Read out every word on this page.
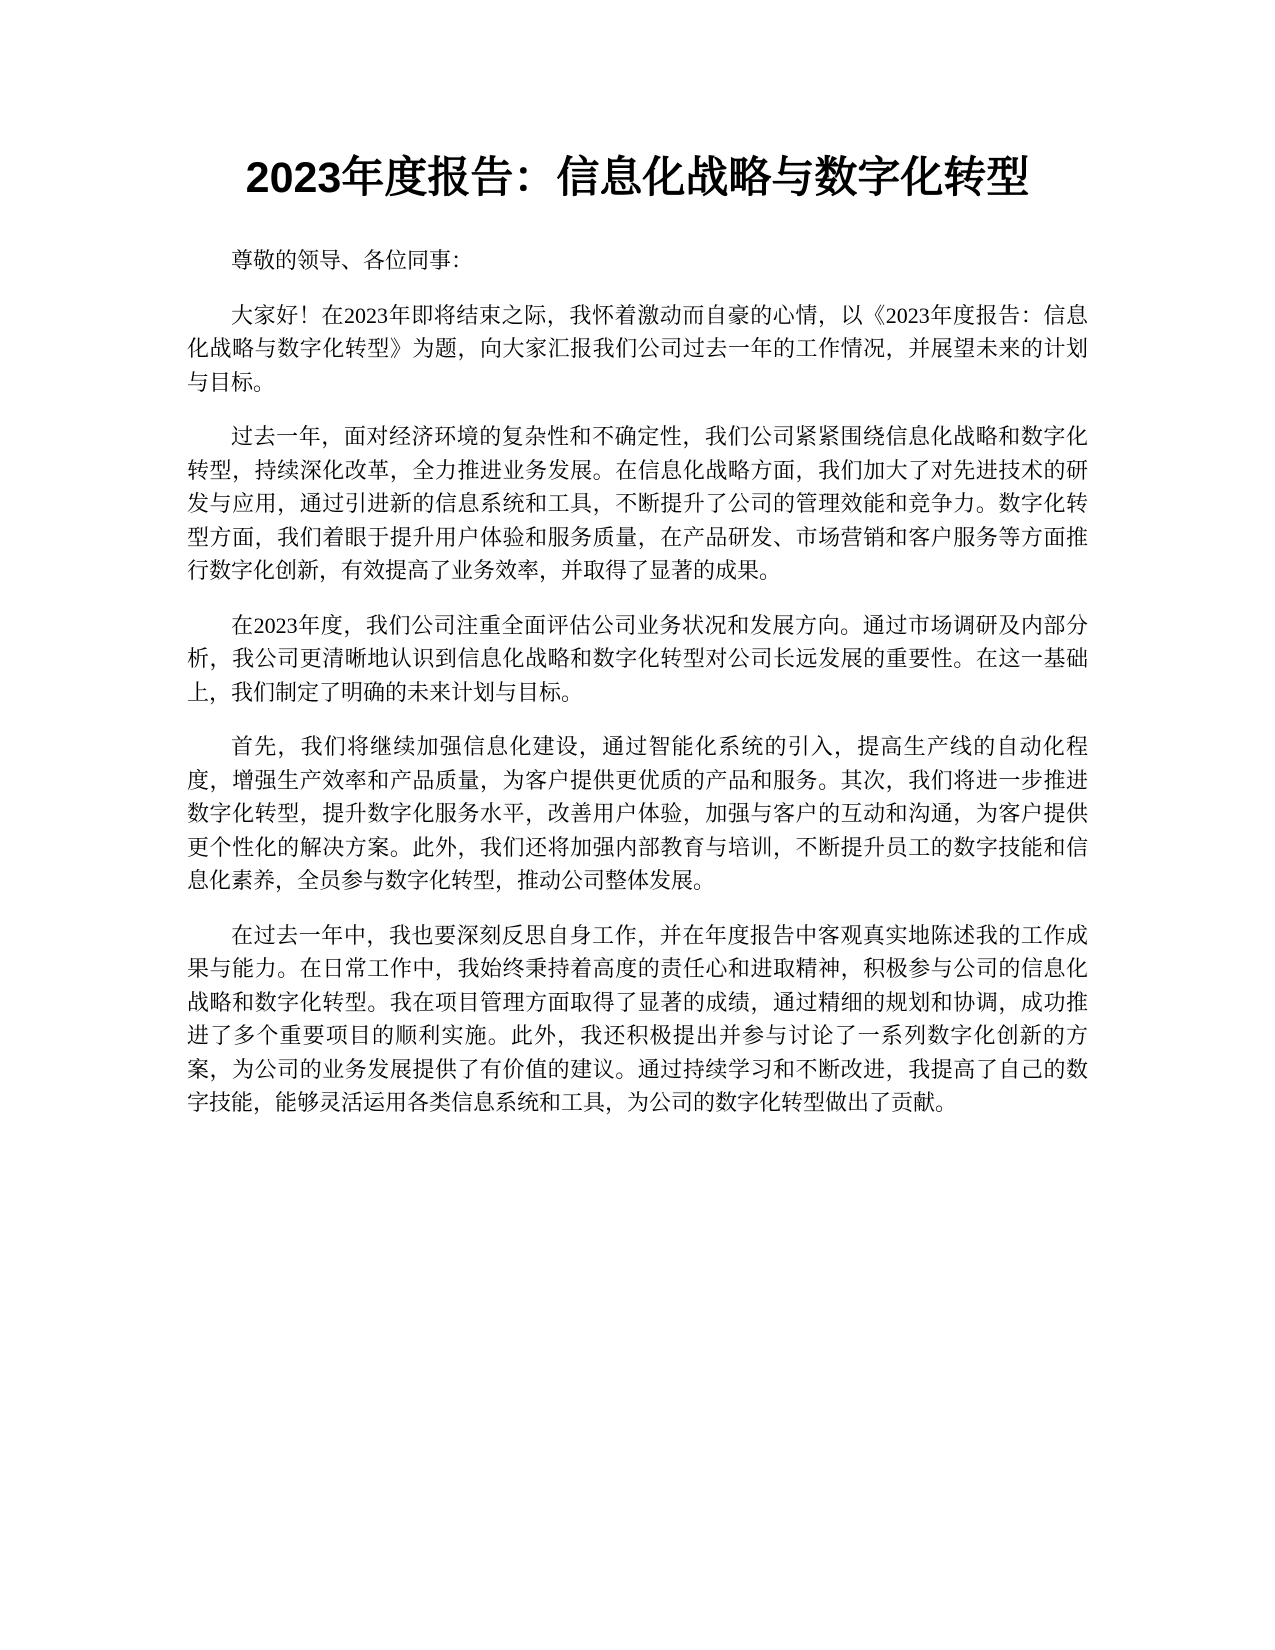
2023年度报告：信息化战略与数字化转型

尊敬的领导、各位同事：

大家好！在2023年即将结束之际，我怀着激动而自豪的心情，以《2023年度报告：信息化战略与数字化转型》为题，向大家汇报我们公司过去一年的工作情况，并展望未来的计划与目标。

过去一年，面对经济环境的复杂性和不确定性，我们公司紧紧围绕信息化战略和数字化转型，持续深化改革，全力推进业务发展。在信息化战略方面，我们加大了对先进技术的研发与应用，通过引进新的信息系统和工具，不断提升了公司的管理效能和竞争力。数字化转型方面，我们着眼于提升用户体验和服务质量，在产品研发、市场营销和客户服务等方面推行数字化创新，有效提高了业务效率，并取得了显著的成果。

在2023年度，我们公司注重全面评估公司业务状况和发展方向。通过市场调研及内部分析，我公司更清晰地认识到信息化战略和数字化转型对公司长远发展的重要性。在这一基础上，我们制定了明确的未来计划与目标。

首先，我们将继续加强信息化建设，通过智能化系统的引入，提高生产线的自动化程度，增强生产效率和产品质量，为客户提供更优质的产品和服务。其次，我们将进一步推进数字化转型，提升数字化服务水平，改善用户体验，加强与客户的互动和沟通，为客户提供更个性化的解决方案。此外，我们还将加强内部教育与培训，不断提升员工的数字技能和信息化素养，全员参与数字化转型，推动公司整体发展。

在过去一年中，我也要深刻反思自身工作，并在年度报告中客观真实地陈述我的工作成果与能力。在日常工作中，我始终秉持着高度的责任心和进取精神，积极参与公司的信息化战略和数字化转型。我在项目管理方面取得了显著的成绩，通过精细的规划和协调，成功推进了多个重要项目的顺利实施。此外，我还积极提出并参与讨论了一系列数字化创新的方案，为公司的业务发展提供了有价值的建议。通过持续学习和不断改进，我提高了自己的数字技能，能够灵活运用各类信息系统和工具，为公司的数字化转型做出了贡献。
